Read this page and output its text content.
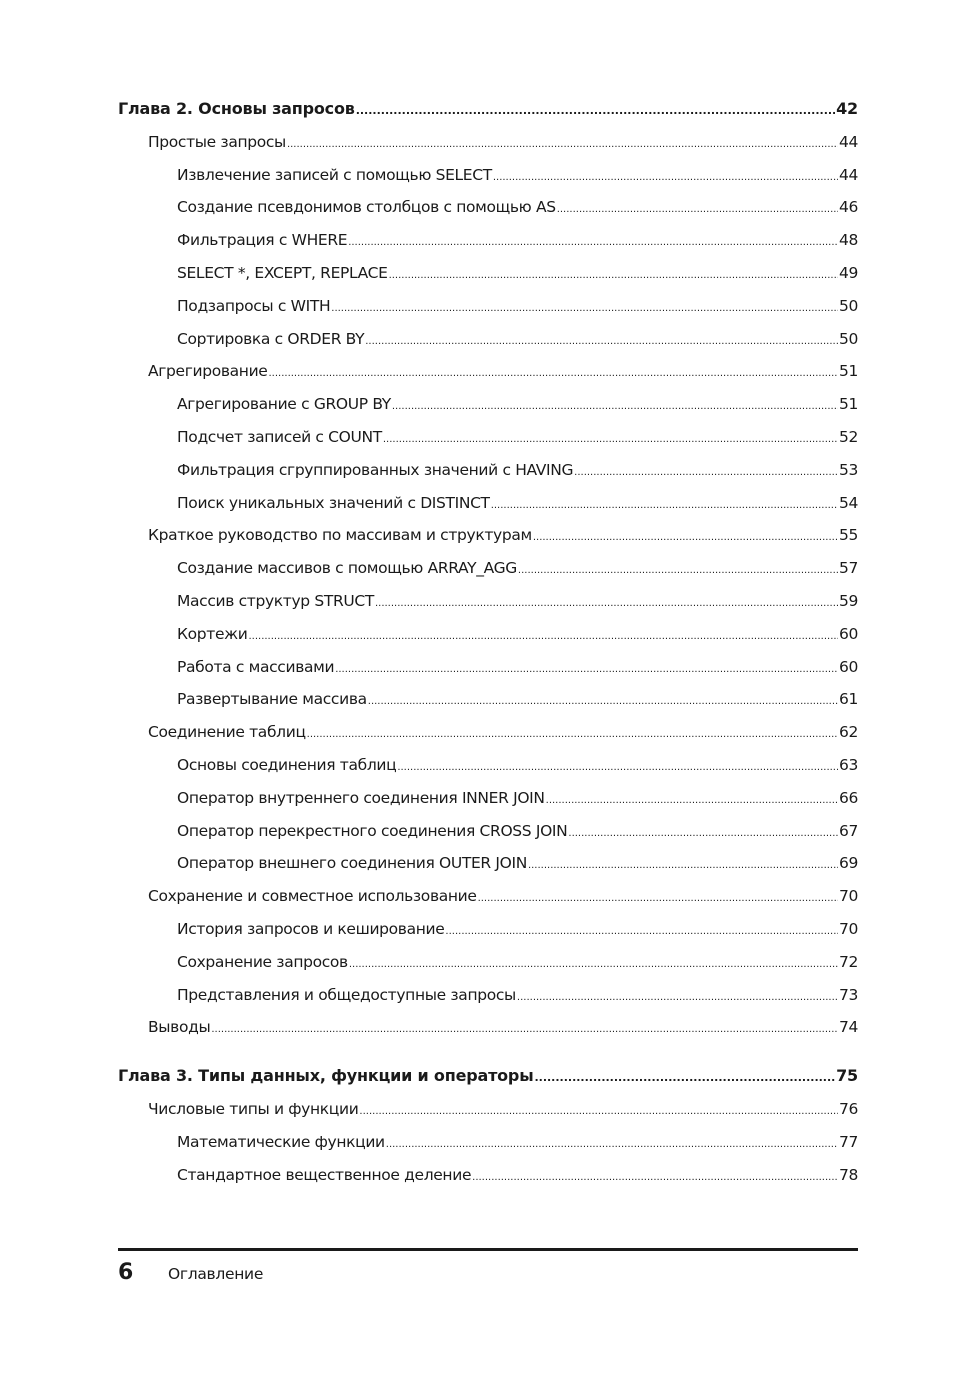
Глава 2. Основы запросов .....	42
Простые запросы .....	44
Извлечение записей с помощью SELECT .....	44
Создание псевдонимов столбцов с помощью AS .....	46
Фильтрация с WHERE .....	48
SELECT *, EXCEPT, REPLACE .....	49
Подзапросы с WITH .....	50
Сортировка с ORDER BY .....	50
Агрегирование .....	51
Агрегирование с GROUP BY .....	51
Подсчет записей с COUNT .....	52
Фильтрация сгруппированных значений с HAVING .....	53
Поиск уникальных значений с DISTINCT .....	54
Краткое руководство по массивам и структурам .....	55
Создание массивов с помощью ARRAY_AGG .....	57
Массив структур STRUCT .....	59
Кортежи .....	60
Работа с массивами .....	60
Развертывание массива .....	61
Соединение таблиц .....	62
Основы соединения таблиц .....	63
Оператор внутреннего соединения INNER JOIN .....	66
Оператор перекрестного соединения CROSS JOIN .....	67
Оператор внешнего соединения OUTER JOIN .....	69
Сохранение и совместное использование .....	70
История запросов и кеширование .....	70
Сохранение запросов .....	72
Представления и общедоступные запросы .....	73
Выводы .....	74
Глава 3. Типы данных, функции и операторы .....	75
Числовые типы и функции .....	76
Математические функции .....	77
Стандартное вещественное деление .....	78
6 Оглавление
